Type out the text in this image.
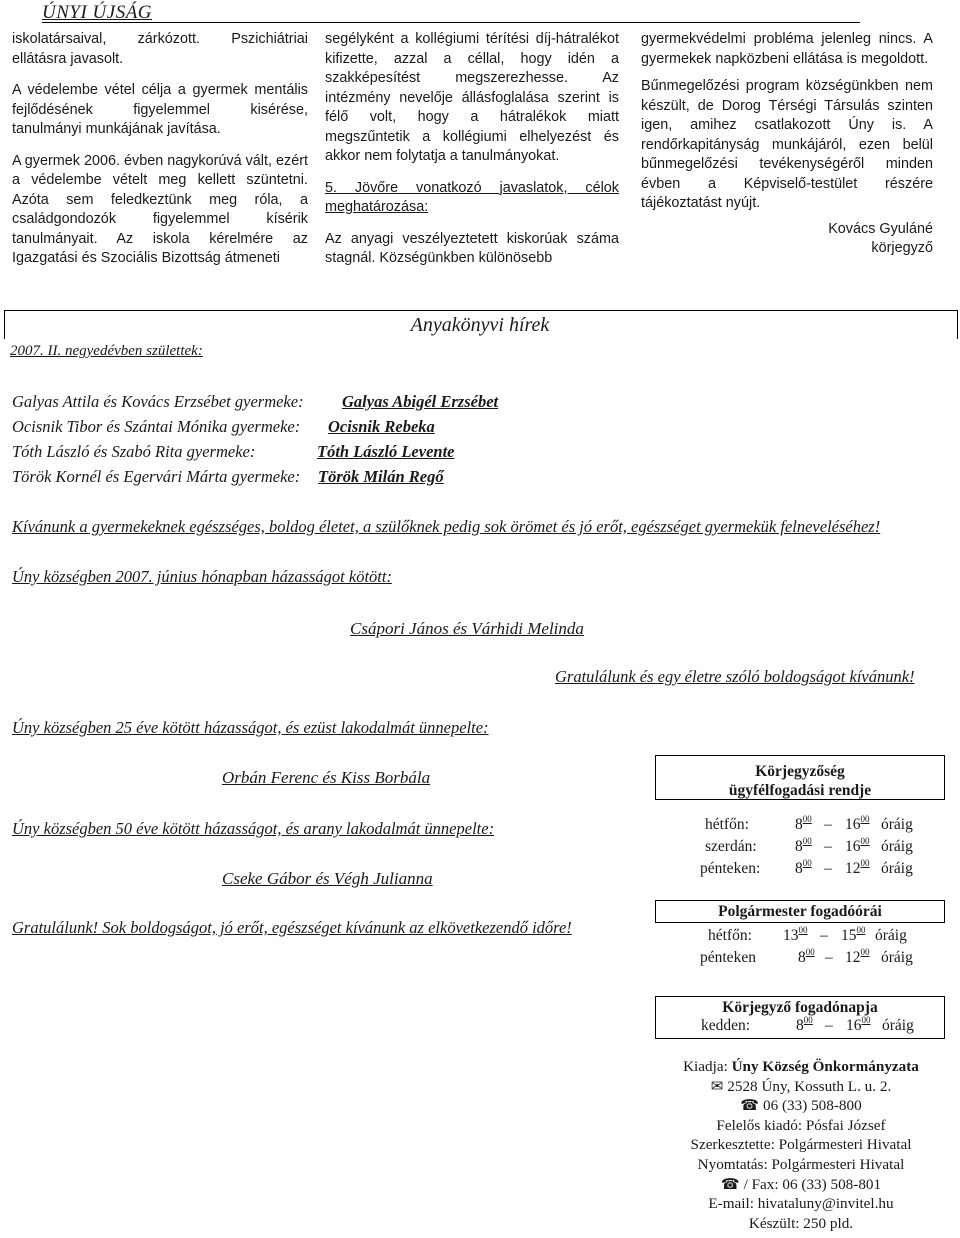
ÚNYI ÚJSÁG

iskolatársaival, zárkózott. Pszichiátriai ellátásra javasolt.

A védelembe vétel célja a gyermek mentális fejlődésének figyelemmel kisérése, tanulmányi munkájának javítása.

A gyermek 2006. évben nagykorúvá vált, ezért a védelembe vételt meg kellett szüntetni. Azóta sem feledkeztünk meg róla, a családgondozók figyelemmel kísérik tanulmányait. Az iskola kérelmére az Igazgatási és Szociális Bizottság átmeneti

segélyként a kollégiumi térítési díj-hátralékot kifizette, azzal a céllal, hogy idén a szakképesítést megszerezhesse. Az intézmény nevelője állásfoglalása szerint is félő volt, hogy a hátralékok miatt megszűntetik a kollégiumi elhelyezést és akkor nem folytatja a tanulmányokat.

5. Jövőre vonatkozó javaslatok, célok meghatározása:

Az anyagi veszélyeztetett kiskorúak száma stagnál. Községünkben különösebb

gyermekvédelmi probléma jelenleg nincs. A gyermekek napközbeni ellátása is megoldott.

Bűnmegelőzési program községünkben nem készült, de Dorog Térségi Társulás szinten igen, amihez csatlakozott Úny is. A rendőrkapitányság munkájáról, ezen belül bűnmegelőzési tevékenységéről minden évben a Képviselő-testület részére tájékoztatást nyújt.

Kovács Gyuláné
körjegyző
Anyakönyvi hírek
2007. II. negyedévben születtek:
Galyas Attila és Kovács Erzsébet gyermeke: Galyas Abigél Erzsébet
Ocisnik Tibor és Szántai Mónika gyermeke: Ocisnik Rebeka
Tóth László és Szabó Rita gyermeke:	Tóth László Levente
Török Kornél és Egervári Márta gyermeke: Török Milán Regő
Kívánunk a gyermekeknek egészséges, boldog életet, a szülőknek pedig sok örömet és jó erőt, egészséget gyermekük felneveléséhez!
Úny községben 2007. június hónapban házasságot kötött:
Csápori János és Várhidi Melinda
Gratulálunk és egy életre szóló boldogságot kívánunk!
Úny községben 25 éve kötött házasságot, és ezüst lakodalmát ünnepelte:
Orbán Ferenc és Kiss Borbála
Úny községben 50 éve kötött házasságot, és arany lakodalmát ünnepelte:
Cseke Gábor és Végh Julianna
Gratulálunk! Sok boldogságot, jó erőt, egészséget kívánunk az elkövetkezendő időre!
Körjegyzőség
ügyfélfogadási rendje
hétfőn:	$8^{00} - 16^{00}$ óráig
szerdán: $8^{00} - 16^{00}$ óráig
pénteken: $8^{00} - 12^{00}$ óráig
Polgármester fogadóórái
hétfőn: $13^{00} - 15^{00}$ óráig
pénteken	$8^{00} - 12^{00}$ óráig
Körjegyző fogadónapja
kedden:	$8^{00} - 16^{00}$ óráig
Kiadja: Úny Község Önkormányzata
✉ 2528 Úny, Kossuth L. u. 2.
☎ 06 (33) 508-800
Felelős kiadó: Pósfai József
Szerkesztette: Polgármesteri Hivatal
Nyomtatás: Polgármesteri Hivatal
☎ / Fax: 06 (33) 508-801
E-mail: hivataluny@invitel.hu
Készült: 250 pld.
